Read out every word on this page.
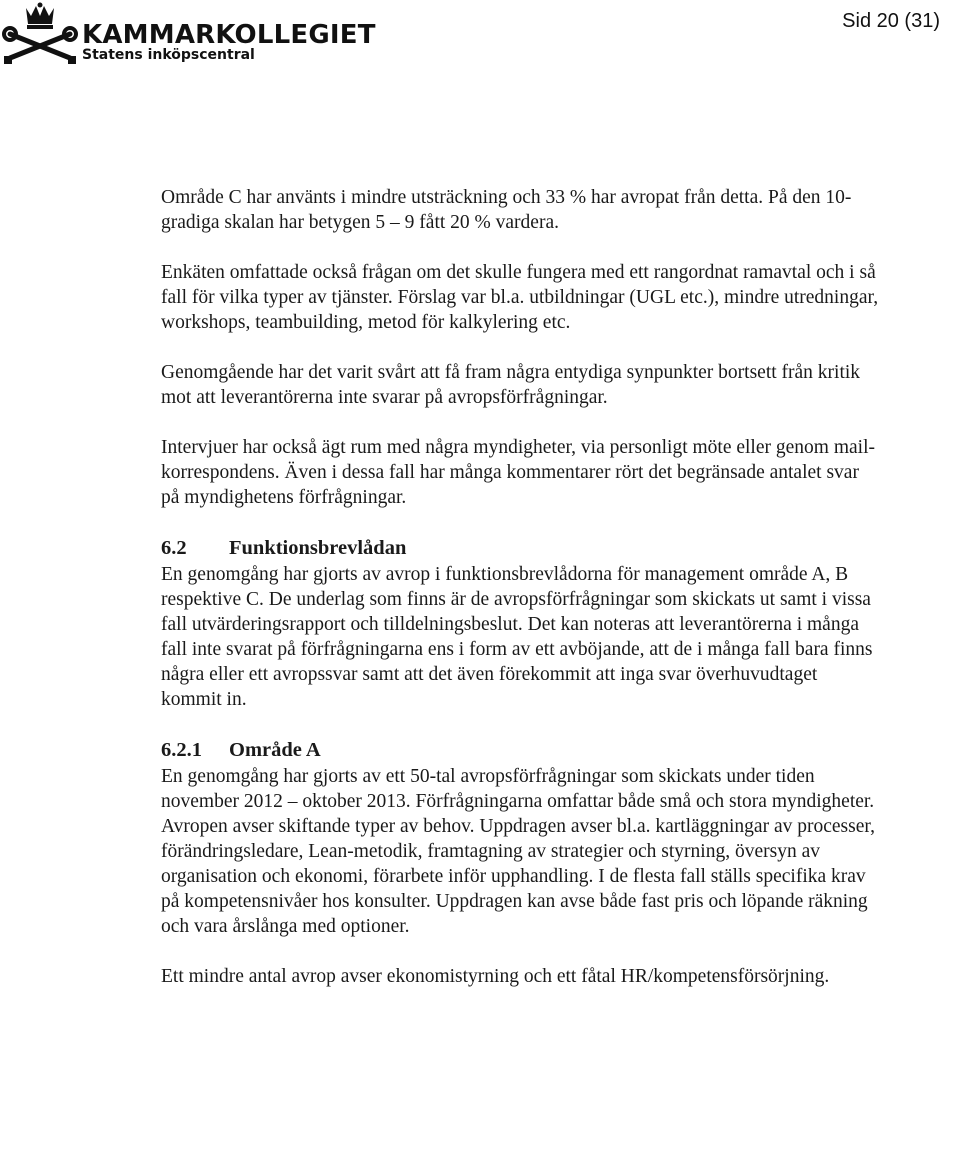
KAMMARKOLLEGIET
Statens inköpscentral
Sid 20 (31)

Område C har använts i mindre utsträckning och 33 % har avropat från detta. På den 10-gradiga skalan har betygen 5 – 9 fått 20 % vardera.

Enkäten omfattade också frågan om det skulle fungera med ett rangordnat ramavtal och i så fall för vilka typer av tjänster. Förslag var bl.a. utbildningar (UGL etc.), mindre utredningar, workshops, teambuilding, metod för kalkylering etc.

Genomgående har det varit svårt att få fram några entydiga synpunkter bortsett från kritik mot att leverantörerna inte svarar på avropsförfrågningar.

Intervjuer har också ägt rum med några myndigheter, via personligt möte eller genom mail-korrespondens. Även i dessa fall har många kommentarer rört det begränsade antalet svar på myndighetens förfrågningar.

6.2 Funktionsbrevlådan

En genomgång har gjorts av avrop i funktionsbrevlådorna för management område A, B respektive C. De underlag som finns är de avropsförfrågningar som skickats ut samt i vissa fall utvärderingsrapport och tilldelningsbeslut. Det kan noteras att leverantörerna i många fall inte svarat på förfrågningarna ens i form av ett avböjande, att de i många fall bara finns några eller ett avropssvar samt att det även förekommit att inga svar överhuvudtaget kommit in.

6.2.1 Område A

En genomgång har gjorts av ett 50-tal avropsförfrågningar som skickats under tiden november 2012 – oktober 2013. Förfrågningarna omfattar både små och stora myndigheter. Avropen avser skiftande typer av behov. Uppdragen avser bl.a. kartläggningar av processer, förändringsledare, Lean-metodik, framtagning av strategier och styrning, översyn av organisation och ekonomi, förarbete inför upphandling. I de flesta fall ställs specifika krav på kompetensnivåer hos konsulter. Uppdragen kan avse både fast pris och löpande räkning och vara årslånga med optioner.

Ett mindre antal avrop avser ekonomistyrning och ett fåtal HR/kompetensförsörjning.
